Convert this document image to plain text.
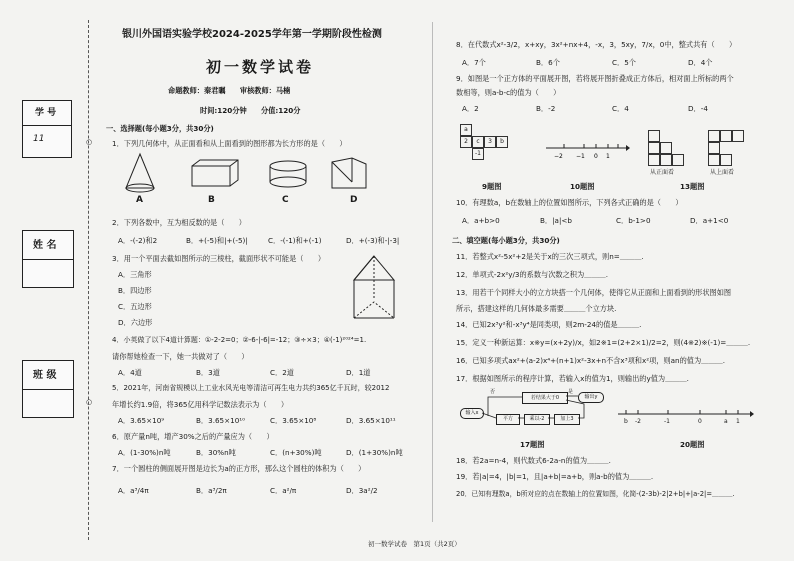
学 号
11
姓 名
班 级
○
○
银川外国语实验学校2024-2025学年第一学期阶段性检测
初一数学试卷
命题教师：秦君瞩　　审核教师：马楠
时间:120分钟　　分值:120分
一、选择题(每小题3分，共30分)
1．下列几何体中，从正面看和从上面看到的图形都为长方形的是（　　）
A	B	C	D
2．下列各数中，互为相反数的是（　　）
A．-(-2)和2	B．+(-5)和|+(-5)|	C．-(-1)和+(-1)	D．+(-3)和-|-3|
3．用一个平面去截如图所示的三棱柱，截面形状不可能是（　　）
A．三角形
B．四边形
C．五边形
D．六边形
4．小英做了以下4道计算题：①-2-2=0；②-6-|-6|=-12；③÷×3；④(-1)²⁰²⁴=1.
请你帮她检查一下，她一共做对了（　　）
A．4道	B．3道	C．2道	D．1道
5．2021年，河南省规模以上工业水风光电等清洁可再生电力共约365亿千瓦时，较2012
年增长约1.9倍，将365亿用科学记数法表示为（　　）
A．3.65×10⁹	B．3.65×10¹⁰	C．3.65×10⁸	D．3.65×10¹¹
6．原产量n吨，增产30%之后的产量应为（　　）
A．(1-30%)n吨	B．30%n吨	C．(n+30%)吨	D．(1+30%)n吨
7．一个圆柱的侧面展开图是边长为a的正方形，那么这个圆柱的体积为（　　）
A．a³/4π	B．a³/2π	C．a²/π	D．3a²/2
8．在代数式x²-3/2，x+xy，3x²+nx+4，-x，3，5xy，7/x，0中，整式共有（　　）
A．7个	B．6个	C．5个	D．4个
9．如图是一个正方体的平面展开图，若将展开图折叠成正方体后，相对面上所标的两个
数相等，则a-b-c的值为（　　）
A．2	B．-2	C．4	D．-4
a
2	c	3	b
-1	−2 −1 0 1
从正面看	从上面看
9题图	10题图	13题图
10．有理数a，b在数轴上的位置如图所示，下列各式正确的是（　　）
A．a+b>0	B．|a|<b	C．b-1>0	D．a+1<0
二、填空题(每小题3分，共30分)
11．若整式x²-5x²+2是关于x的三次三项式，则n=＿＿＿.
12．单项式-2x²y/3的系数与次数之积为＿＿＿.
13．用若干个同样大小的立方块搭一个几何体，使得它从正面和上面看到的形状图如图
所示，搭建这样的几何体最多需要＿＿＿个立方块.
14．已知2x³y²和-x³y⁴是同类项，则2m-24的值是＿＿＿.
15．定义一种新运算：x※y=(x+2y)/x，如2※1=(2+2×1)/2=2，则(4※2)※(-1)=＿＿＿.
16．已知多项式ax²+(a-2)x⁴+(n+1)x²-3x+n不含x³项和x²项，则an的值为＿＿＿.
17．根据如图所示的程序计算，若输入x的值为1，则输出的y值为＿＿＿.
输入x
平方	乘以-2	加上3
若结果大于0	输出y
否	是
b -2	-1	0	a 1
17题图	20题图
18．若2a=n-4，则代数式6-2a-n的值为＿＿＿.
19．若|a|=4，|b|=1，且|a+b|=a+b，则a-b的值为＿＿＿.
20．已知有理数a，b所对应的点在数轴上的位置如图，化简-(2-3b)-2|2+b|+|a-2|=＿＿＿.
初一数学试卷　第1页（共2页）
